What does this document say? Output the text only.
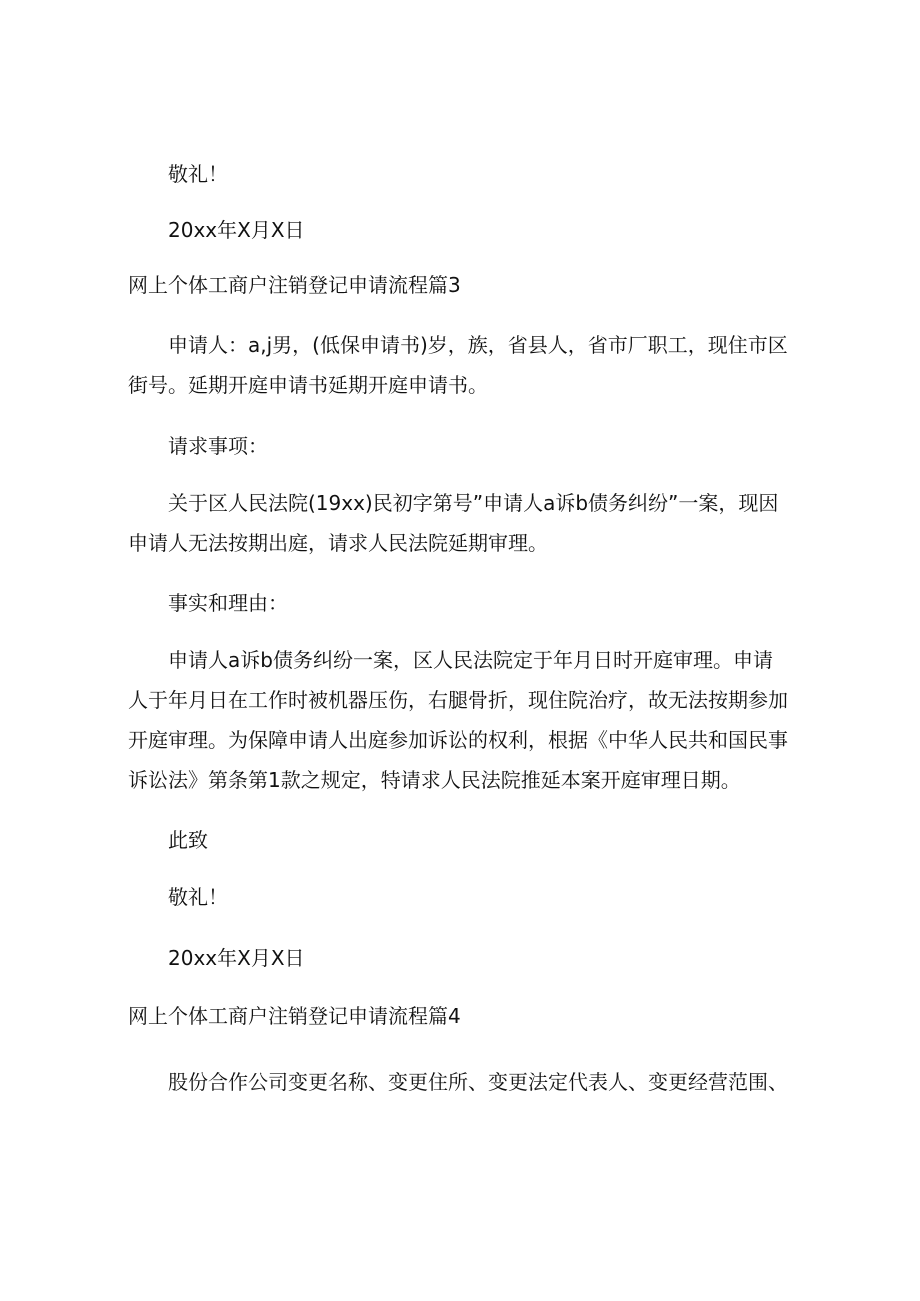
敬礼！
20xx年X月X日
网上个体工商户注销登记申请流程篇3
申请人：a,j男，(低保申请书)岁，族，省县人，省市厂职工，现住市区街号。延期开庭申请书延期开庭申请书。
请求事项：
关于区人民法院(19xx)民初字第号”申请人a诉b债务纠纷”一案，现因申请人无法按期出庭，请求人民法院延期审理。
事实和理由：
申请人a诉b债务纠纷一案，区人民法院定于年月日时开庭审理。申请人于年月日在工作时被机器压伤，右腿骨折，现住院治疗，故无法按期参加开庭审理。为保障申请人出庭参加诉讼的权利，根据《中华人民共和国民事诉讼法》第条第1款之规定，特请求人民法院推延本案开庭审理日期。
此致
敬礼！
20xx年X月X日
网上个体工商户注销登记申请流程篇4
股份合作公司变更名称、变更住所、变更法定代表人、变更经营范围、
